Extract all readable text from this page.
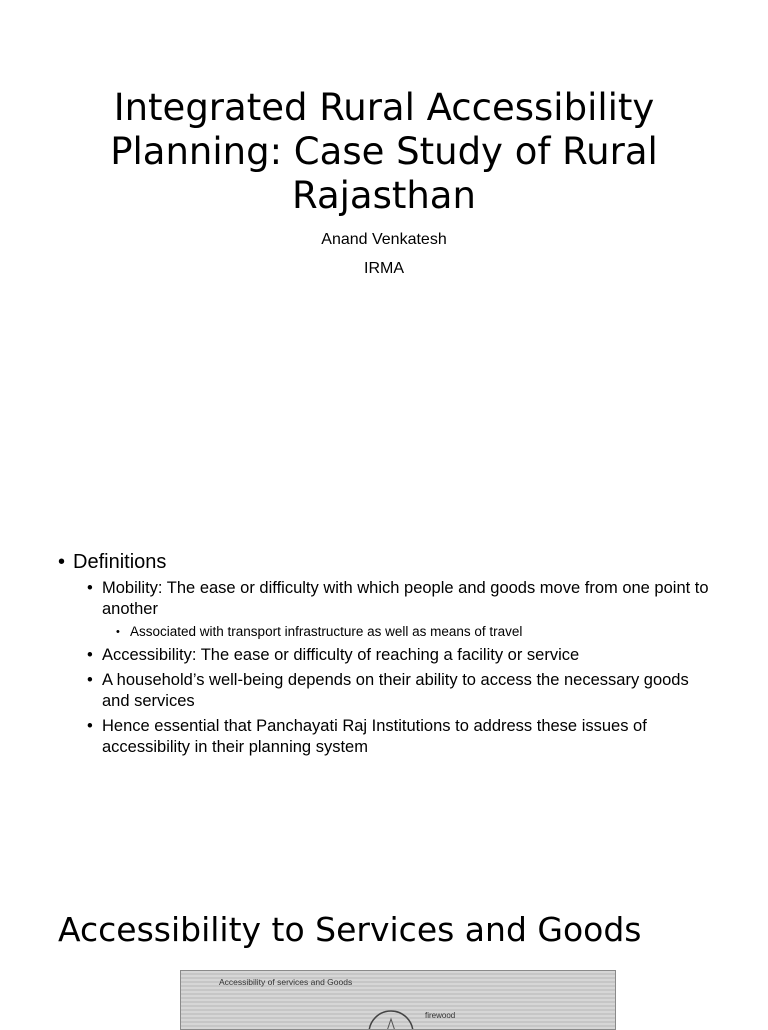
Integrated Rural Accessibility Planning: Case Study of Rural Rajasthan
Anand Venkatesh
IRMA
• Definitions
• Mobility: The ease or difficulty with which people and goods move from one point to another
• Associated with transport infrastructure as well as means of travel
• Accessibility: The ease or difficulty of reaching a facility or service
• A household’s well-being depends on their ability to access the necessary goods and services
• Hence essential that Panchayati Raj Institutions to address these issues of accessibility in their planning system
Accessibility to Services and Goods
Accessibility of services and Goods
firewood
